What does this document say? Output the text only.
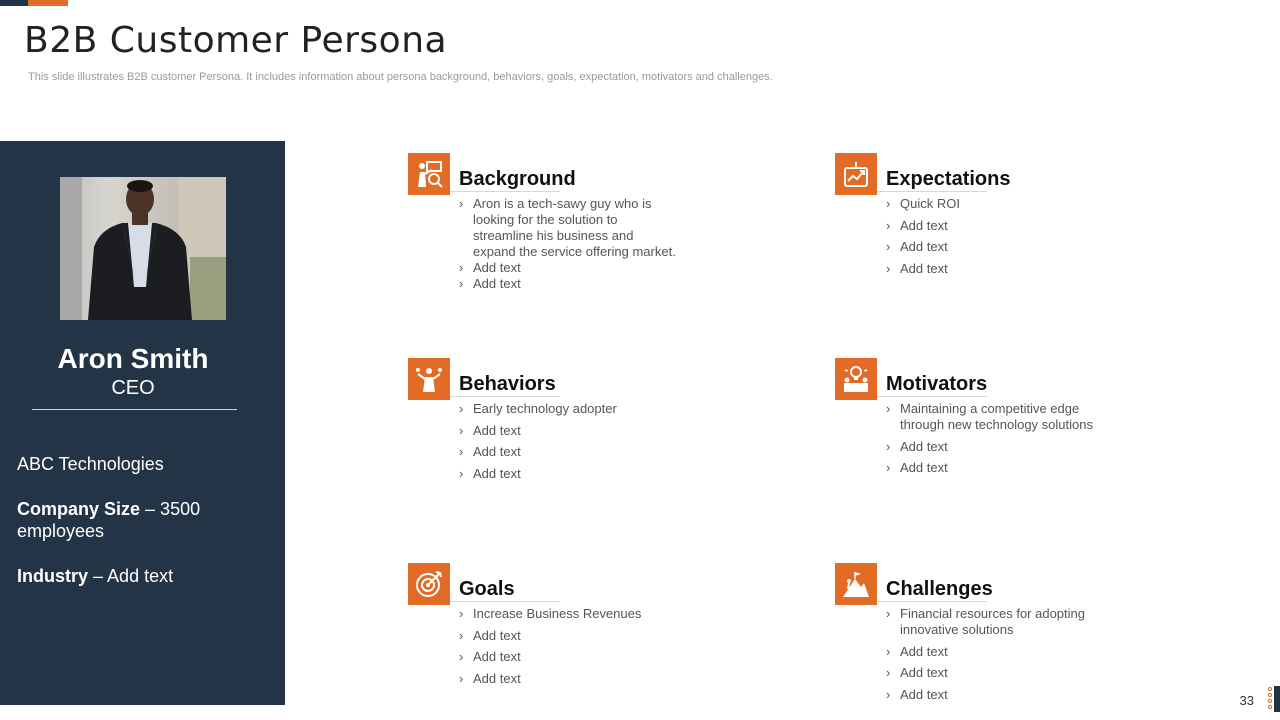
B2B Customer Persona

This slide illustrates B2B customer Persona. It includes information about persona background, behaviors, goals, expectation, motivators and challenges.

Aron Smith
CEO
ABC Technologies
Company Size – 3500 employees
Industry – Add text
Background
› Aron is a tech-sawy guy who is looking for the solution to streamline his business and expand the service offering market.
› Add text
› Add text
Expectations
› Quick ROI
› Add text
› Add text
› Add text
Behaviors
› Early technology adopter
› Add text
› Add text
› Add text
Motivators
› Maintaining a competitive edge through new technology solutions
› Add text
› Add text
Goals
› Increase Business Revenues
› Add text
› Add text
› Add text
Challenges
› Financial resources for adopting innovative solutions
› Add text
› Add text
› Add text	33
